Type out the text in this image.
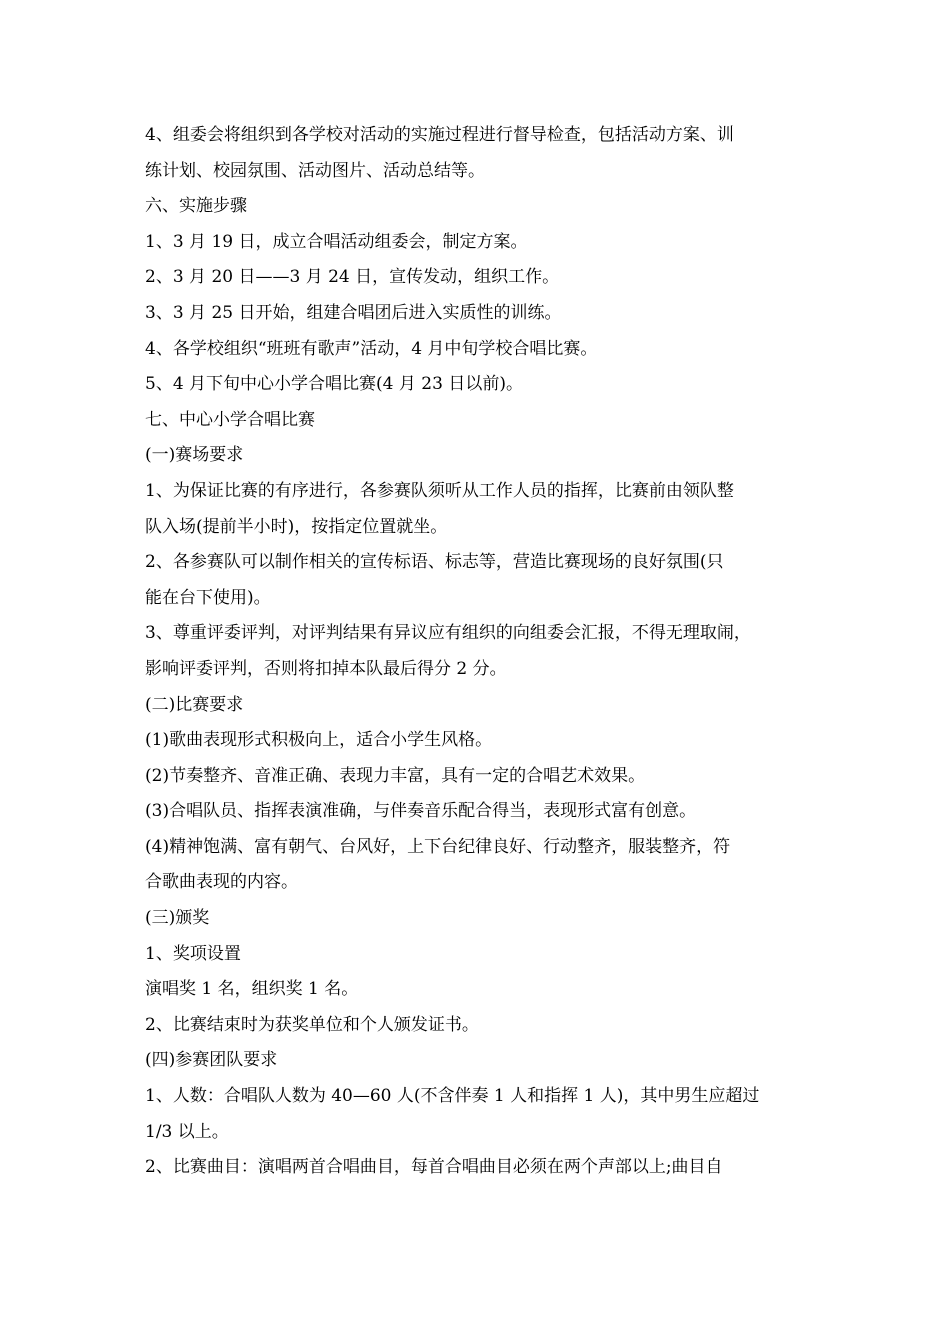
4、组委会将组织到各学校对活动的实施过程进行督导检查，包括活动方案、训
练计划、校园氛围、活动图片、活动总结等。
六、实施步骤
1、3 月 19 日，成立合唱活动组委会，制定方案。
2、3 月 20 日——3 月 24 日，宣传发动，组织工作。
3、3 月 25 日开始，组建合唱团后进入实质性的训练。
4、各学校组织“班班有歌声”活动，4 月中旬学校合唱比赛。
5、4 月下旬中心小学合唱比赛(4 月 23 日以前)。
七、中心小学合唱比赛
(一)赛场要求
1、为保证比赛的有序进行，各参赛队须听从工作人员的指挥，比赛前由领队整
队入场(提前半小时)，按指定位置就坐。
2、各参赛队可以制作相关的宣传标语、标志等，营造比赛现场的良好氛围(只
能在台下使用)。
3、尊重评委评判，对评判结果有异议应有组织的向组委会汇报，不得无理取闹，
影响评委评判，否则将扣掉本队最后得分 2 分。
(二)比赛要求
(1)歌曲表现形式积极向上，适合小学生风格。
(2)节奏整齐、音准正确、表现力丰富，具有一定的合唱艺术效果。
(3)合唱队员、指挥表演准确，与伴奏音乐配合得当，表现形式富有创意。
(4)精神饱满、富有朝气、台风好，上下台纪律良好、行动整齐，服装整齐，符
合歌曲表现的内容。
(三)颁奖
1、奖项设置
演唱奖 1 名，组织奖 1 名。
2、比赛结束时为获奖单位和个人颁发证书。
(四)参赛团队要求
1、人数：合唱队人数为 40—60 人(不含伴奏 1 人和指挥 1 人)，其中男生应超过
1/3 以上。
2、比赛曲目：演唱两首合唱曲目，每首合唱曲目必须在两个声部以上;曲目自
